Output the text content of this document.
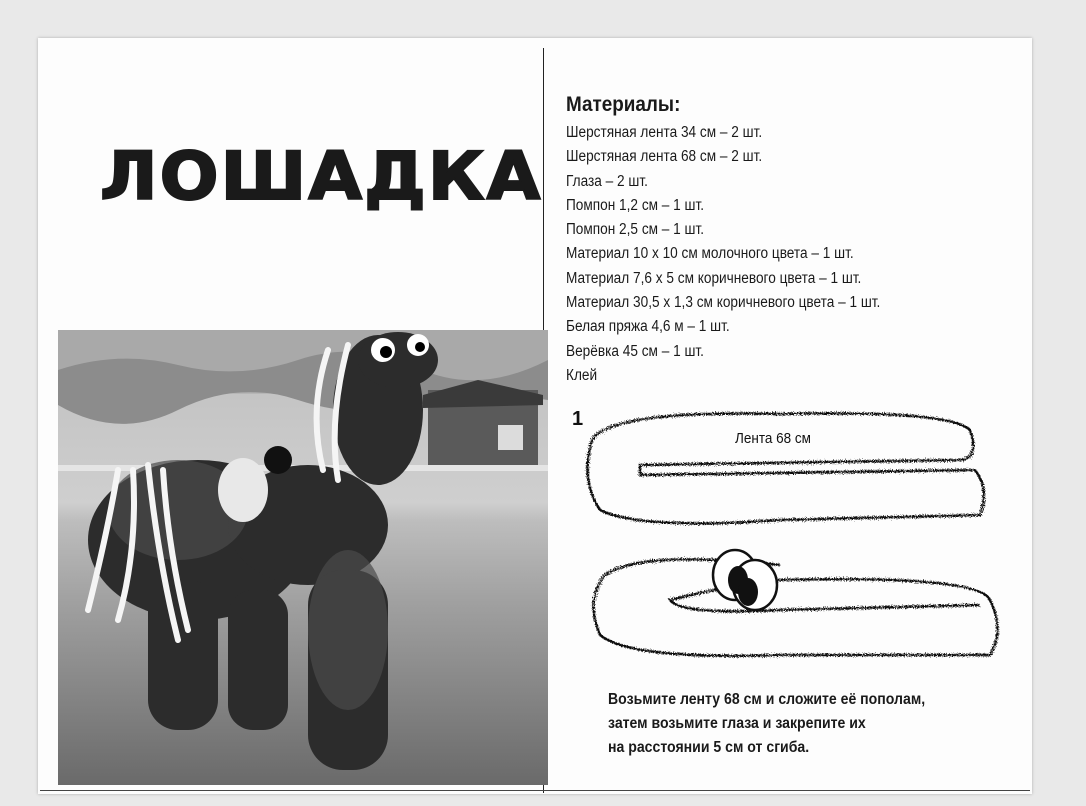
ЛОШАДКА
Материалы:
Шерстяная лента 34 см – 2 шт.
Шерстяная лента 68 см – 2 шт.
Глаза – 2 шт.
Помпон 1,2 см – 1 шт.
Помпон 2,5 см – 1 шт.
Материал 10 x 10 см молочного цвета – 1 шт.
Материал 7,6 x 5 см коричневого цвета – 1 шт.
Материал 30,5 x 1,3 см коричневого цвета – 1 шт.
Белая пряжа 4,6 м – 1 шт.
Верёвка 45 см – 1 шт.
Клей
1
Лента 68 см
Возьмите ленту 68 см и сложите её пополам,
затем возьмите глаза и закрепите их
на расстоянии 5 см от сгиба.
